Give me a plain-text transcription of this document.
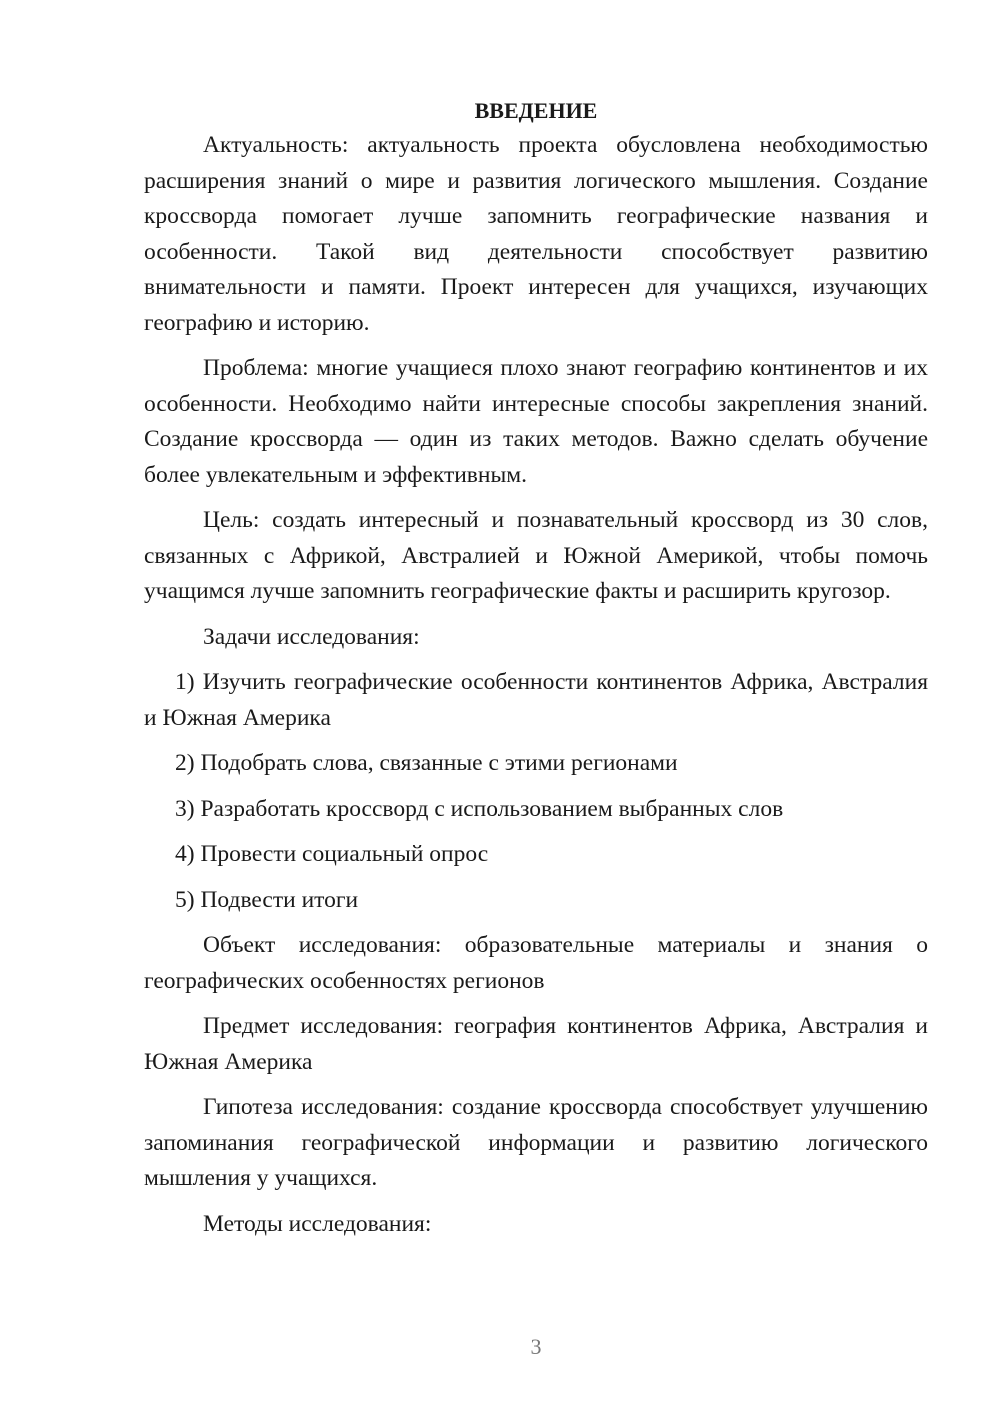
ВВЕДЕНИЕ

Актуальность: актуальность проекта обусловлена необходимостью расширения знаний о мире и развития логического мышления. Создание кроссворда помогает лучше запомнить географические названия и особенности. Такой вид деятельности способствует развитию внимательности и памяти. Проект интересен для учащихся, изучающих географию и историю.

Проблема: многие учащиеся плохо знают географию континентов и их особенности. Необходимо найти интересные способы закрепления знаний. Создание кроссворда — один из таких методов. Важно сделать обучение более увлекательным и эффективным.

Цель: создать интересный и познавательный кроссворд из 30 слов, связанных с Африкой, Австралией и Южной Америкой, чтобы помочь учащимся лучше запомнить географические факты и расширить кругозор.

Задачи исследования:

1) Изучить географические особенности континентов Африка, Австралия и Южная Америка

2) Подобрать слова, связанные с этими регионами

3) Разработать кроссворд с использованием выбранных слов

4) Провести социальный опрос

5) Подвести итоги

Объект исследования: образовательные материалы и знания о географических особенностях регионов

Предмет исследования: география континентов Африка, Австралия и Южная Америка

Гипотеза исследования: создание кроссворда способствует улучшению запоминания географической информации и развитию логического мышления у учащихся.

Методы исследования:

3
